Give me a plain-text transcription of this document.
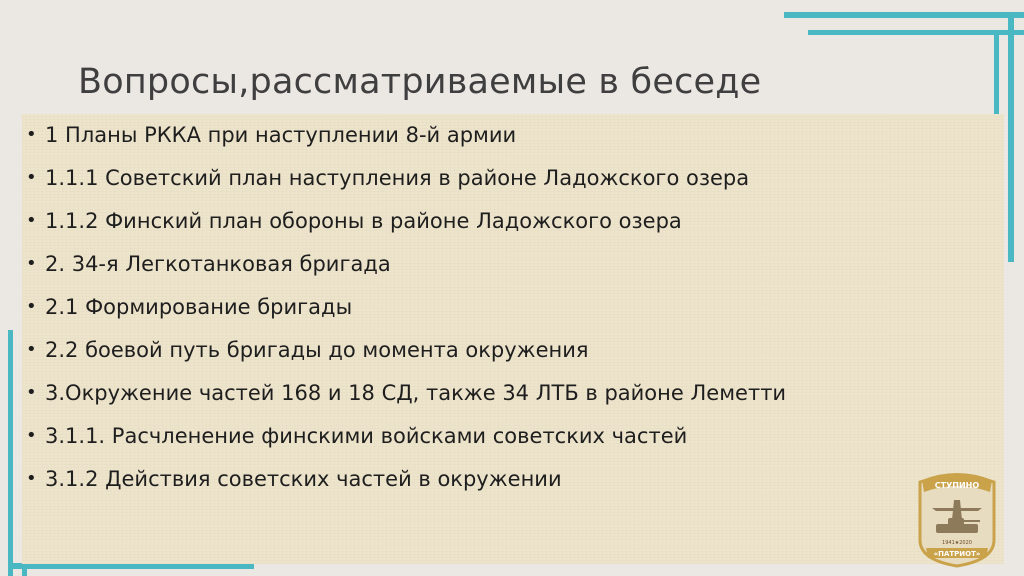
Вопросы,рассматриваемые в беседе
• 1 Планы РККА при наступлении 8-й армии
• 1.1.1 Советский план наступления в районе Ладожского озера
• 1.1.2 Финский план обороны в районе Ладожского озера
• 2. 34-я Легкотанковая бригада
• 2.1 Формирование бригады
• 2.2 боевой путь бригады до момента окружения
• 3.Окружение частей 168 и 18 СД, также 34 ЛТБ в районе Леметти
• 3.1.1. Расчленение финскими войсками советских частей
• 3.1.2 Действия советских частей в окружении	СТУПИНО
1941★2020
«ПАТРИОТ»
